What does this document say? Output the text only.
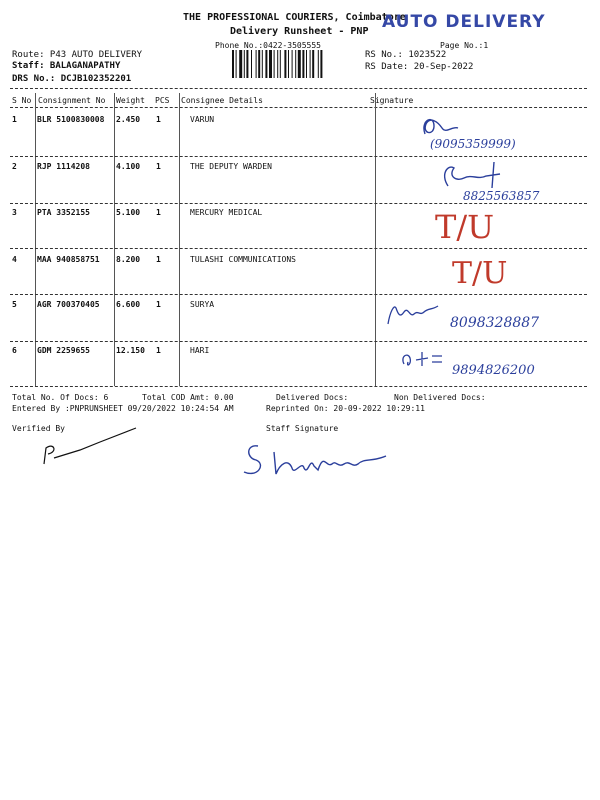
THE PROFESSIONAL COURIERS, Coimbatore
Delivery Runsheet - PNP AUTO DELIVERY
Phone No.:0422-3505555	Page No.:1
Route: P43 AUTO DELIVERY
Staff: BALAGANAPATHY
DRS No.: DCJB102352201
RS No.: 1023522
RS Date: 20-Sep-2022
S No Consignment No Weight PCS Consignee Details	Signature
1	BLR 5100830008 2.450 1	VARUN
(9095359999)
2	RJP 1114208	4.100 1	THE DEPUTY WARDEN
8825563857
3	PTA 3352155	5.100 1	MERCURY MEDICAL	T/U
4	MAA 940858751 8.200 1	TULASHI COMMUNICATIONS	T/U
5	AGR 700370405 6.600 1	SURYA
8098328887
6	GDM 2259655	12.150 1	HARI
9894826200
Total No. Of Docs: 6	Total COD Amt: 0.00	Delivered Docs:	Non Delivered Docs:
Entered By :PNPRUNSHEET 09/20/2022 10:24:54 AM	Reprinted On: 20-09-2022 10:29:11
Verified By	Staff Signature
